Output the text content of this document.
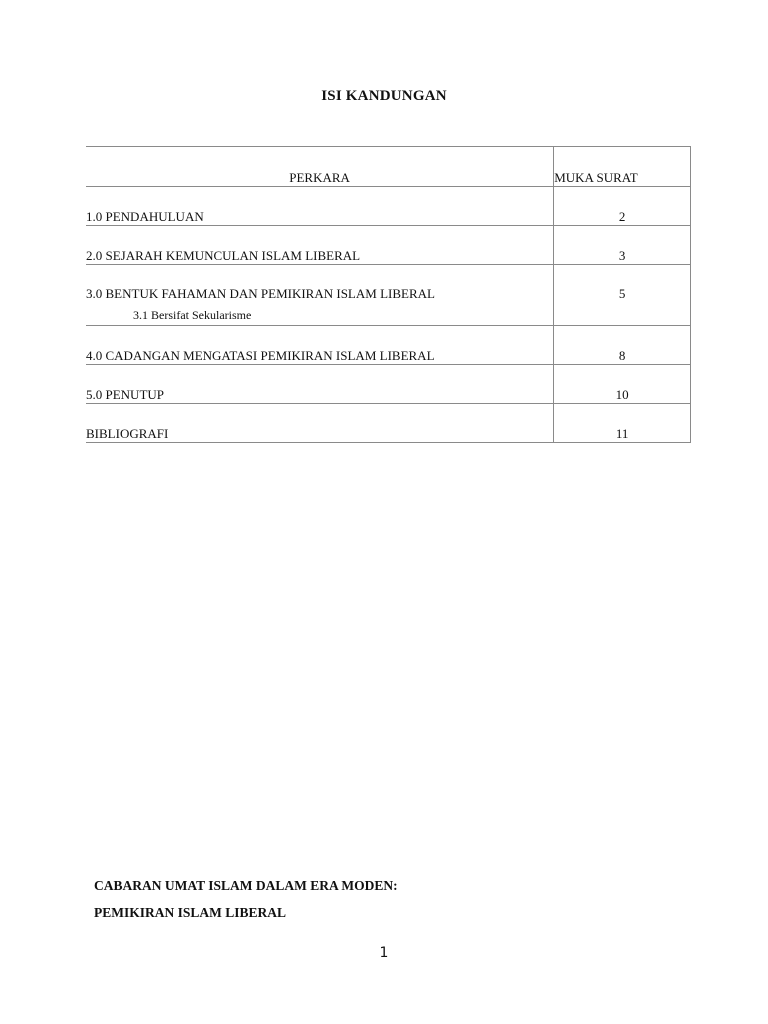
ISI KANDUNGAN
PERKARA	MUKA SURAT
1.0 PENDAHULUAN	2
2.0 SEJARAH KEMUNCULAN ISLAM LIBERAL	3

3.0 BENTUK FAHAMAN DAN PEMIKIRAN ISLAM LIBERAL
3.1 Bersifat Sekularisme	5

4.0 CADANGAN MENGATASI PEMIKIRAN ISLAM LIBERAL	8
5.0 PENUTUP	10
BIBLIOGRAFI	11
CABARAN UMAT ISLAM DALAM ERA MODEN:
PEMIKIRAN ISLAM LIBERAL
1
